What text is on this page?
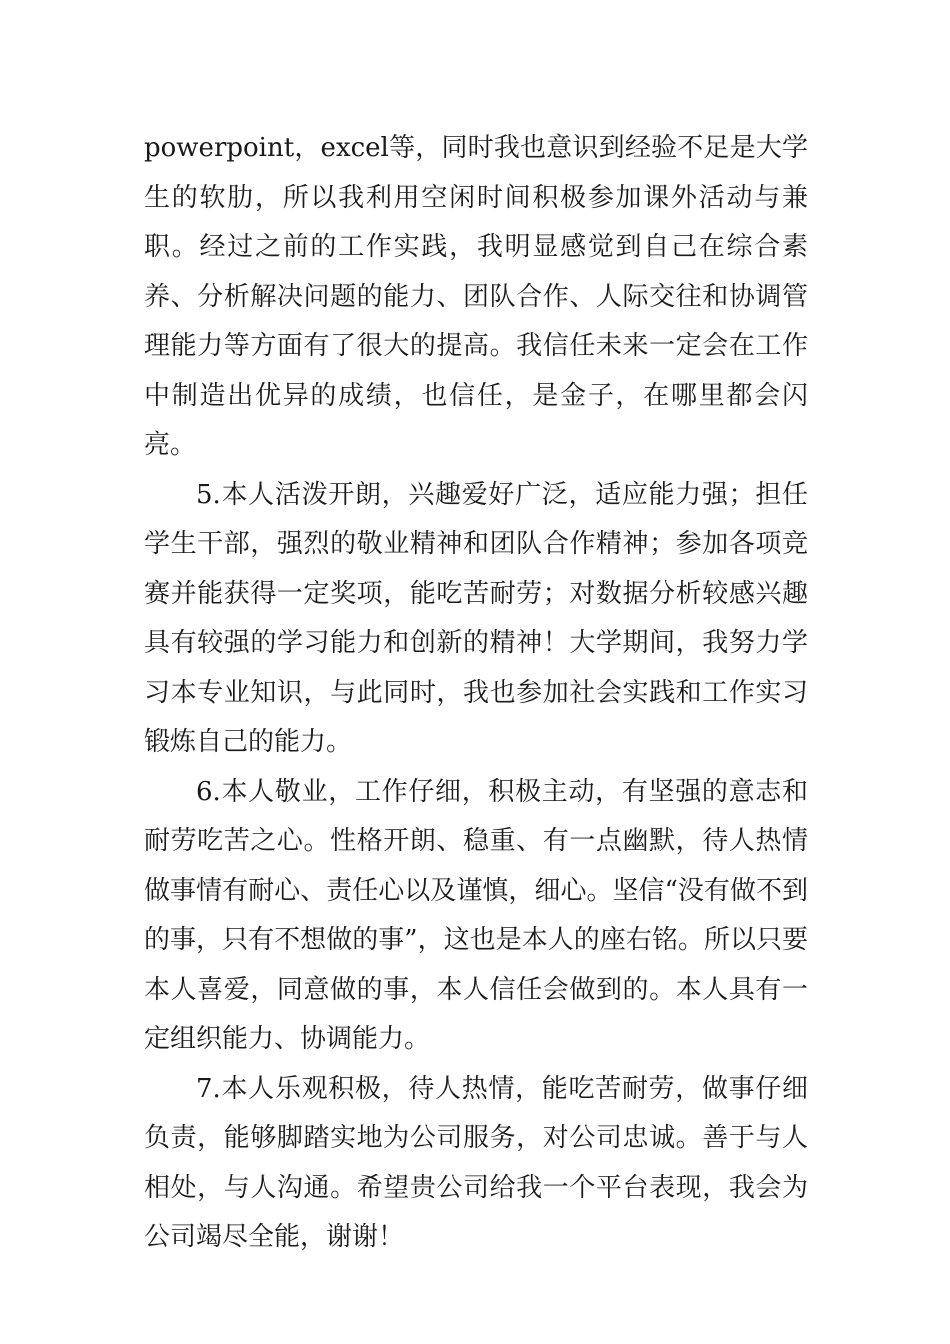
powerpoint，excel等，同时我也意识到经验不足是大学生的软肋，所以我利用空闲时间积极参加课外活动与兼职。经过之前的工作实践，我明显感觉到自己在综合素养、分析解决问题的能力、团队合作、人际交往和协调管理能力等方面有了很大的提高。我信任未来一定会在工作中制造出优异的成绩，也信任，是金子，在哪里都会闪亮。

5.本人活泼开朗，兴趣爱好广泛，适应能力强；担任学生干部，强烈的敬业精神和团队合作精神；参加各项竞赛并能获得一定奖项，能吃苦耐劳；对数据分析较感兴趣具有较强的学习能力和创新的精神！大学期间，我努力学习本专业知识，与此同时，我也参加社会实践和工作实习锻炼自己的能力。

6.本人敬业，工作仔细，积极主动，有坚强的意志和耐劳吃苦之心。性格开朗、稳重、有一点幽默，待人热情做事情有耐心、责任心以及谨慎，细心。坚信“没有做不到的事，只有不想做的事”，这也是本人的座右铭。所以只要本人喜爱，同意做的事，本人信任会做到的。本人具有一定组织能力、协调能力。

7.本人乐观积极，待人热情，能吃苦耐劳，做事仔细负责，能够脚踏实地为公司服务，对公司忠诚。善于与人相处，与人沟通。希望贵公司给我一个平台表现，我会为公司竭尽全能，谢谢！
